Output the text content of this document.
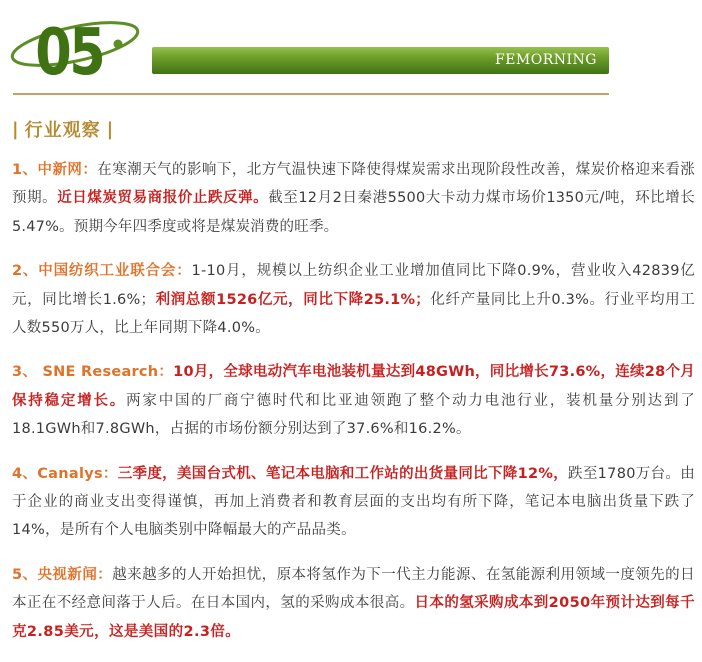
05	FEMORNING
| 行业观察 |

1、中新网：在寒潮天气的影响下，北方气温快速下降使得煤炭需求出现阶段性改善，煤炭价格迎来看涨预期。近日煤炭贸易商报价止跌反弹。截至12月2日秦港5500大卡动力煤市场价1350元/吨，环比增长5.47%。预期今年四季度或将是煤炭消费的旺季。

2、中国纺织工业联合会：1-10月，规模以上纺织企业工业增加值同比下降0.9%，营业收入42839亿元，同比增长1.6%；利润总额1526亿元，同比下降25.1%；化纤产量同比上升0.3%。行业平均用工人数550万人，比上年同期下降4.0%。

3、 SNE Research：10月，全球电动汽车电池装机量达到48GWh，同比增长73.6%，连续28个月保持稳定增长。两家中国的厂商宁德时代和比亚迪领跑了整个动力电池行业，装机量分别达到了18.1GWh和7.8GWh，占据的市场份额分别达到了37.6%和16.2%。

4、Canalys：三季度，美国台式机、笔记本电脑和工作站的出货量同比下降12%，跌至1780万台。由于企业的商业支出变得谨慎，再加上消费者和教育层面的支出均有所下降，笔记本电脑出货量下跌了14%，是所有个人电脑类别中降幅最大的产品品类。

5、央视新闻：越来越多的人开始担忧，原本将氢作为下一代主力能源、在氢能源利用领域一度领先的日本正在不经意间落于人后。在日本国内，氢的采购成本很高。日本的氢采购成本到2050年预计达到每千克2.85美元，这是美国的2.3倍。
